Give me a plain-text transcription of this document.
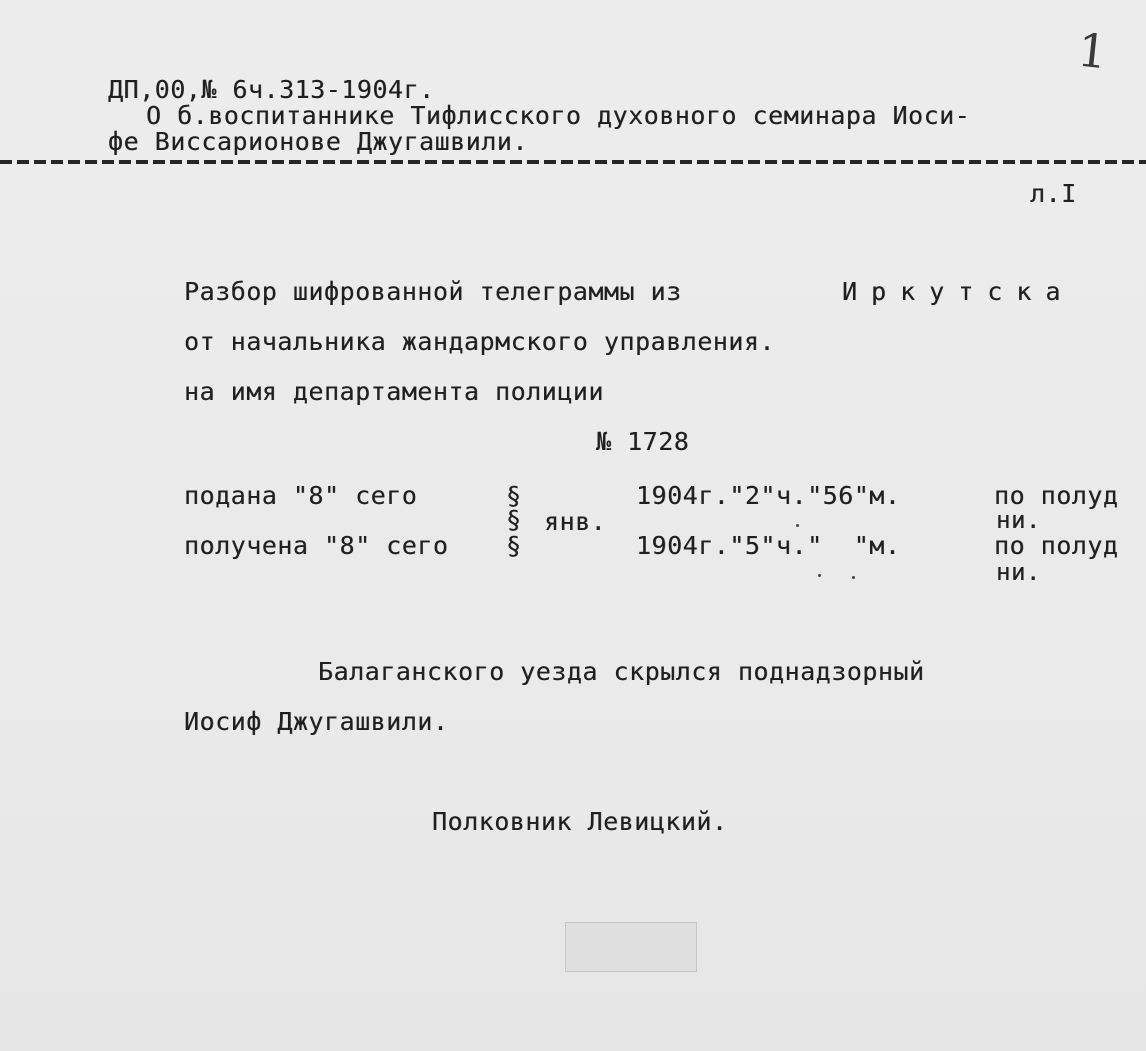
1
ДП,00,№ 6ч.313-1904г.
О б.воспитаннике Тифлисского духовного семинара Иоси-
фе Виссарионове Джугашвили.
л.I
Разбор шифрованной телеграммы из	Иркутска
от начальника жандармского управления.
на имя департамента полиции
№ 1728
подана "8" сего	§	1904г."2"ч."56"м.	по полуд
§ янв.	ни.
получена "8" сего §	1904г."5"ч."  "м.	по полуд
ни.
Балаганского уезда скрылся поднадзорный
Иосиф Джугашвили.
Полковник Левицкий.
